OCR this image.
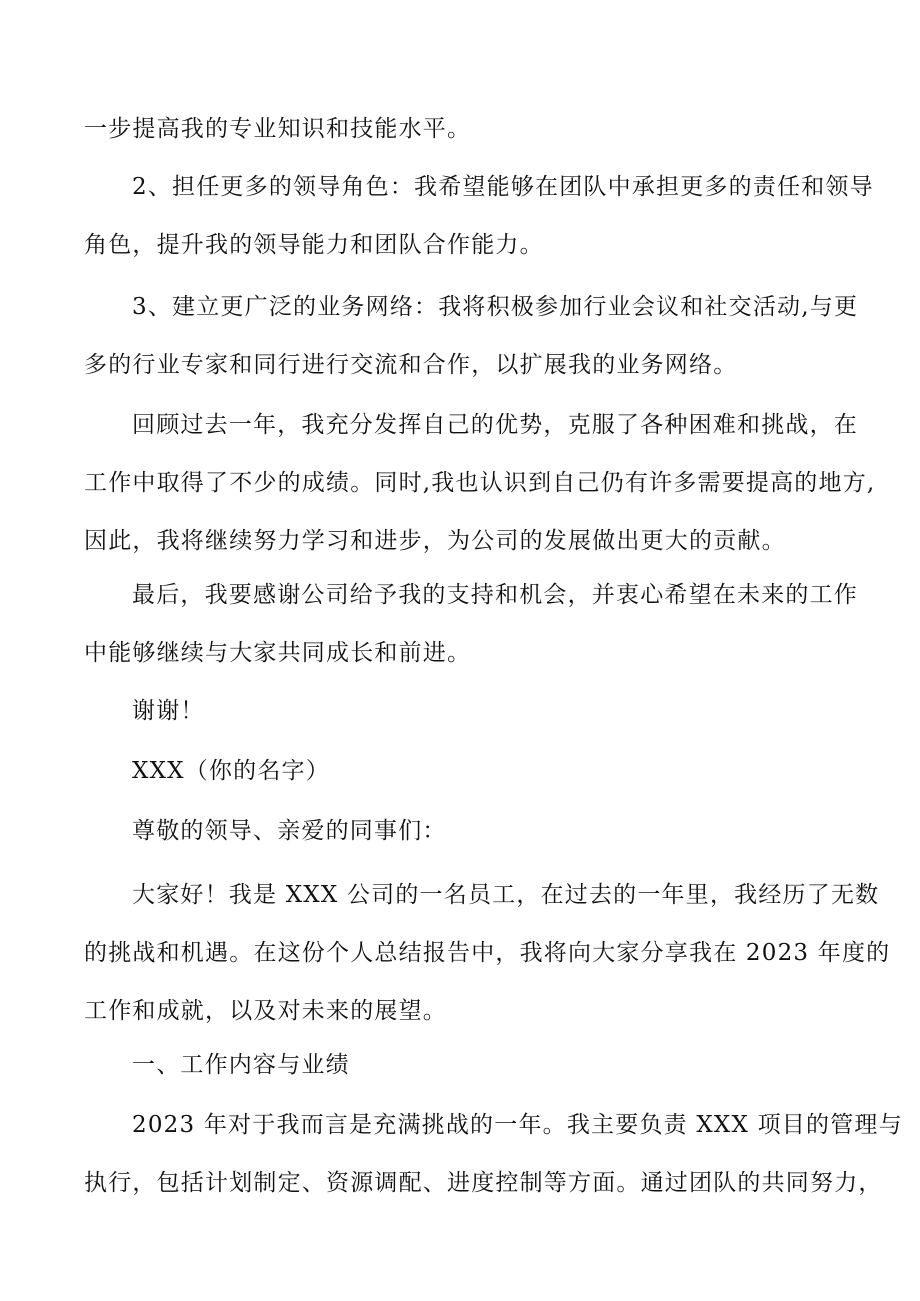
一步提高我的专业知识和技能水平。
2、担任更多的领导角色：我希望能够在团队中承担更多的责任和领导
角色，提升我的领导能力和团队合作能力。
3、建立更广泛的业务网络：我将积极参加行业会议和社交活动,与更
多的行业专家和同行进行交流和合作，以扩展我的业务网络。
回顾过去一年，我充分发挥自己的优势，克服了各种困难和挑战，在
工作中取得了不少的成绩。同时,我也认识到自己仍有许多需要提高的地方,
因此，我将继续努力学习和进步，为公司的发展做出更大的贡献。
最后，我要感谢公司给予我的支持和机会，并衷心希望在未来的工作
中能够继续与大家共同成长和前进。
谢谢！
XXX（你的名字）
尊敬的领导、亲爱的同事们：
大家好！我是 XXX 公司的一名员工，在过去的一年里，我经历了无数
的挑战和机遇。在这份个人总结报告中，我将向大家分享我在 2023 年度的
工作和成就，以及对未来的展望。
一、工作内容与业绩
2023 年对于我而言是充满挑战的一年。我主要负责 XXX 项目的管理与
执行，包括计划制定、资源调配、进度控制等方面。通过团队的共同努力，
